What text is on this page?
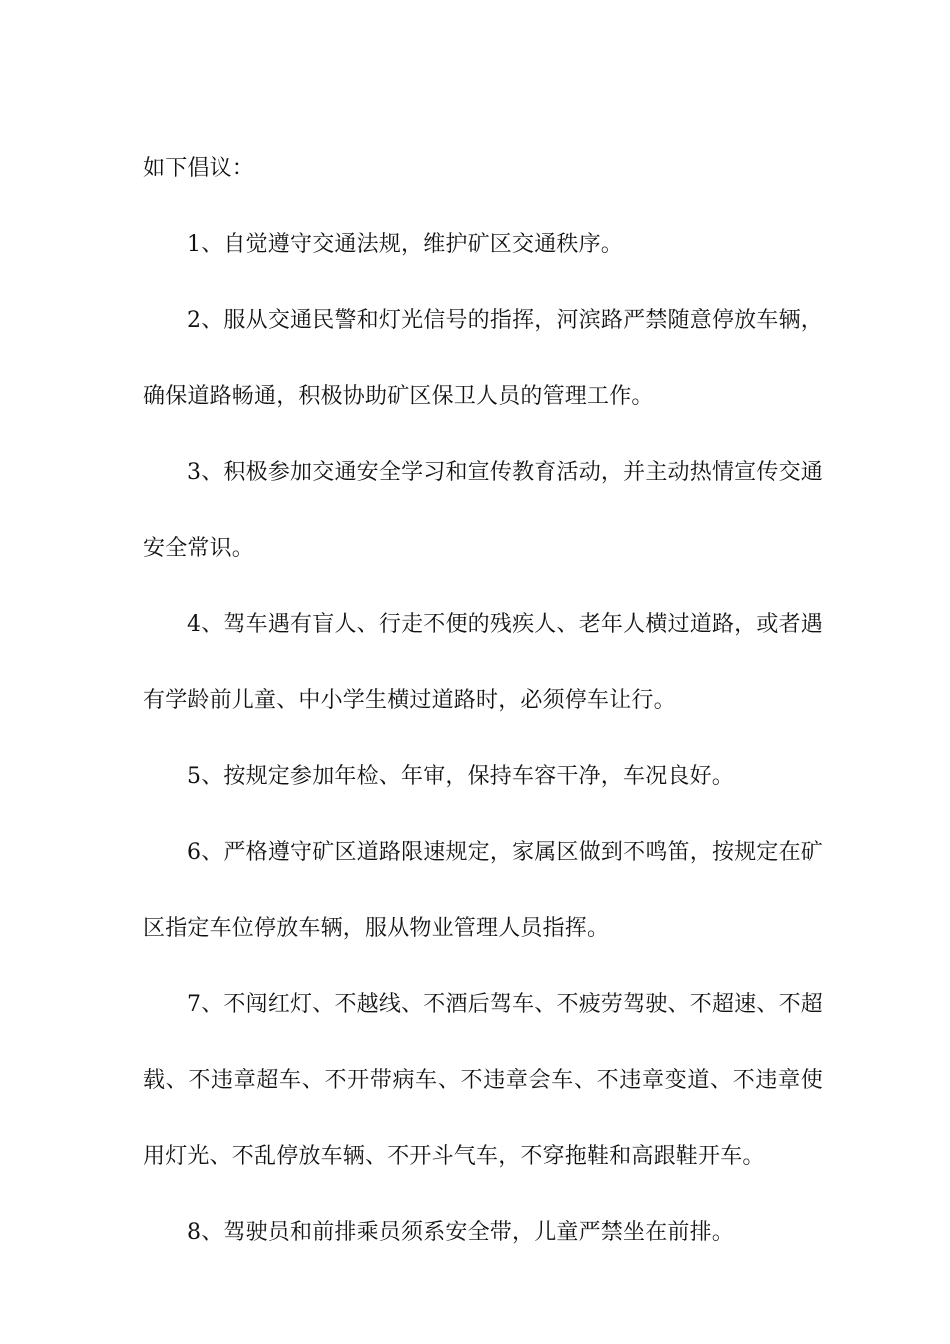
如下倡议：

1、自觉遵守交通法规，维护矿区交通秩序。

2、服从交通民警和灯光信号的指挥，河滨路严禁随意停放车辆，确保道路畅通，积极协助矿区保卫人员的管理工作。

3、积极参加交通安全学习和宣传教育活动，并主动热情宣传交通安全常识。

4、驾车遇有盲人、行走不便的残疾人、老年人横过道路，或者遇有学龄前儿童、中小学生横过道路时，必须停车让行。

5、按规定参加年检、年审，保持车容干净，车况良好。

6、严格遵守矿区道路限速规定，家属区做到不鸣笛，按规定在矿区指定车位停放车辆，服从物业管理人员指挥。

7、不闯红灯、不越线、不酒后驾车、不疲劳驾驶、不超速、不超载、不违章超车、不开带病车、不违章会车、不违章变道、不违章使用灯光、不乱停放车辆、不开斗气车，不穿拖鞋和高跟鞋开车。

8、驾驶员和前排乘员须系安全带，儿童严禁坐在前排。
